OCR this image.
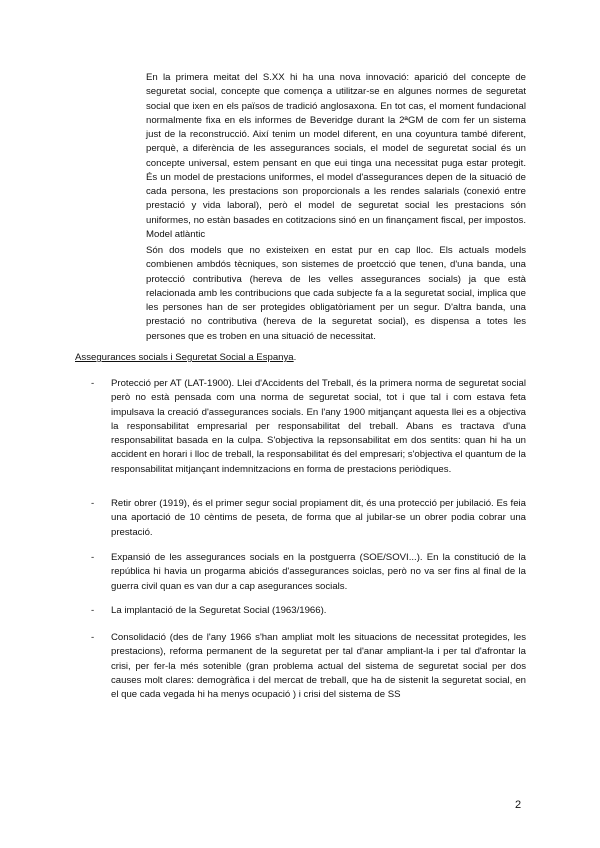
En la primera meitat del S.XX hi ha una nova innovació: aparició del concepte de seguretat social, concepte que comença a utilitzar-se en algunes normes de seguretat social que ixen en els països de tradició anglosaxona. En tot cas, el moment fundacional normalmente fixa en els informes de Beveridge durant la 2ªGM de com fer un sistema just de la reconstrucció. Així tenim un model diferent, en una coyuntura també diferent, perquè, a diferència de les assegurances socials, el model de seguretat social és un concepte universal, estem pensant en que eui tinga una necessitat puga estar protegit. És un model de prestacions uniformes, el model d'assegurances depen de la situació de cada persona, les prestacions son proporcionals a les rendes salarials (conexió entre prestació y vida laboral), però el model de seguretat social les prestacions són uniformes, no estàn basades en cotitzacions sinó en un finançament fiscal, per impostos. Model atlàntic

Són dos models que no existeixen en estat pur en cap lloc. Els actuals models combienen ambdós tècniques, son sistemes de proetcció que tenen, d'una banda, una protecció contributiva (hereva de les velles assegurances socials) ja que està relacionada amb les contribucions que cada subjecte fa a la seguretat social, implica que les persones han de ser protegides obligatòriament per un segur. D'altra banda, una prestació no contributiva (hereva de la seguretat social), es dispensa a totes les persones que es troben en una situació de necessitat.

Assegurances socials i Seguretat Social a Espanya.

- Protecció per AT (LAT-1900). Llei d'Accidents del Treball, és la primera norma de seguretat social però no està pensada com una norma de seguretat social, tot i que tal i com estava feta impulsava la creació d'assegurances socials. En l'any 1900 mitjançant aquesta llei es a objectiva la responsabilitat empresarial per responsabilitat del treball. Abans es tractava d'una responsabilitat basada en la culpa. S'objectiva la repsonsabilitat em dos sentits: quan hi ha un accident en horari i lloc de treball, la responsabilitat és del empresari; s'objectiva el quantum de la responsabilitat mitjançant indemnitzacions en forma de prestacions periòdiques.

- Retir obrer (1919), és el primer segur social propiament dit, és una protecció per jubilació. Es feia una aportació de 10 cèntims de peseta, de forma que al jubilar-se un obrer podia cobrar una prestació.

- Expansió de les assegurances socials en la postguerra (SOE/SOVI...). En la constitució de la república hi havia un progarma abiciós d'assegurances soiclas, però no va ser fins al final de la guerra civil quan es van dur a cap asegurances socials.

- La implantació de la Seguretat Social (1963/1966).

- Consolidació (des de l'any 1966 s'han ampliat molt les situacions de necessitat protegides, les prestacions), reforma permanent de la seguretat per tal d'anar ampliant-la i per tal d'afrontar la crisi, per fer-la més sotenible (gran problema actual del sistema de seguretat social per dos causes molt clares: demogràfica i del mercat de treball, que ha de sistenit la seguretat social, en el que cada vegada hi ha menys ocupació ) i crisi del sistema de SS

2
